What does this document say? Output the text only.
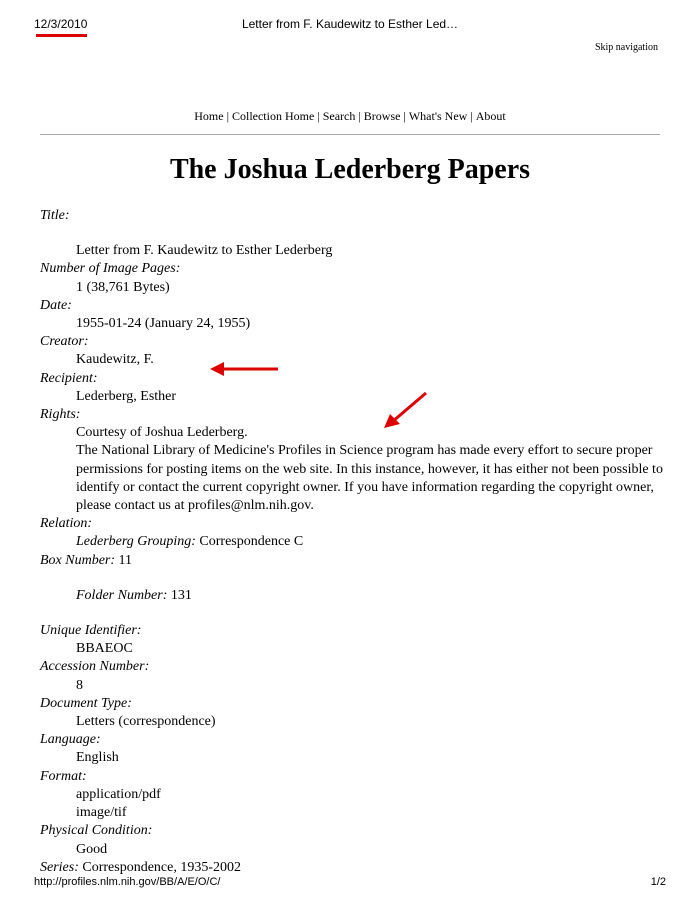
12/3/2010	Letter from F. Kaudewitz to Esther Led…
Skip navigation
Home | Collection Home | Search | Browse | What's New | About
The Joshua Lederberg Papers
Title:
Letter from F. Kaudewitz to Esther Lederberg
Number of Image Pages:
1 (38,761 Bytes)
Date:
1955-01-24 (January 24, 1955)
Creator:
Kaudewitz, F.
Recipient:
Lederberg, Esther
Rights:
Courtesy of Joshua Lederberg.
The National Library of Medicine's Profiles in Science program has made every effort to secure proper permissions for posting items on the web site. In this instance, however, it has either not been possible to identify or contact the current copyright owner. If you have information regarding the copyright owner, please contact us at profiles@nlm.nih.gov.
Relation:
Lederberg Grouping: Correspondence C
Box Number: 11
Folder Number: 131
Unique Identifier:
BBAEOC
Accession Number:
8
Document Type:
Letters (correspondence)
Language:
English
Format:
application/pdf
image/tif
Physical Condition:
Good
Series: Correspondence, 1935-2002
http://profiles.nlm.nih.gov/BB/A/E/O/C/	1/2
